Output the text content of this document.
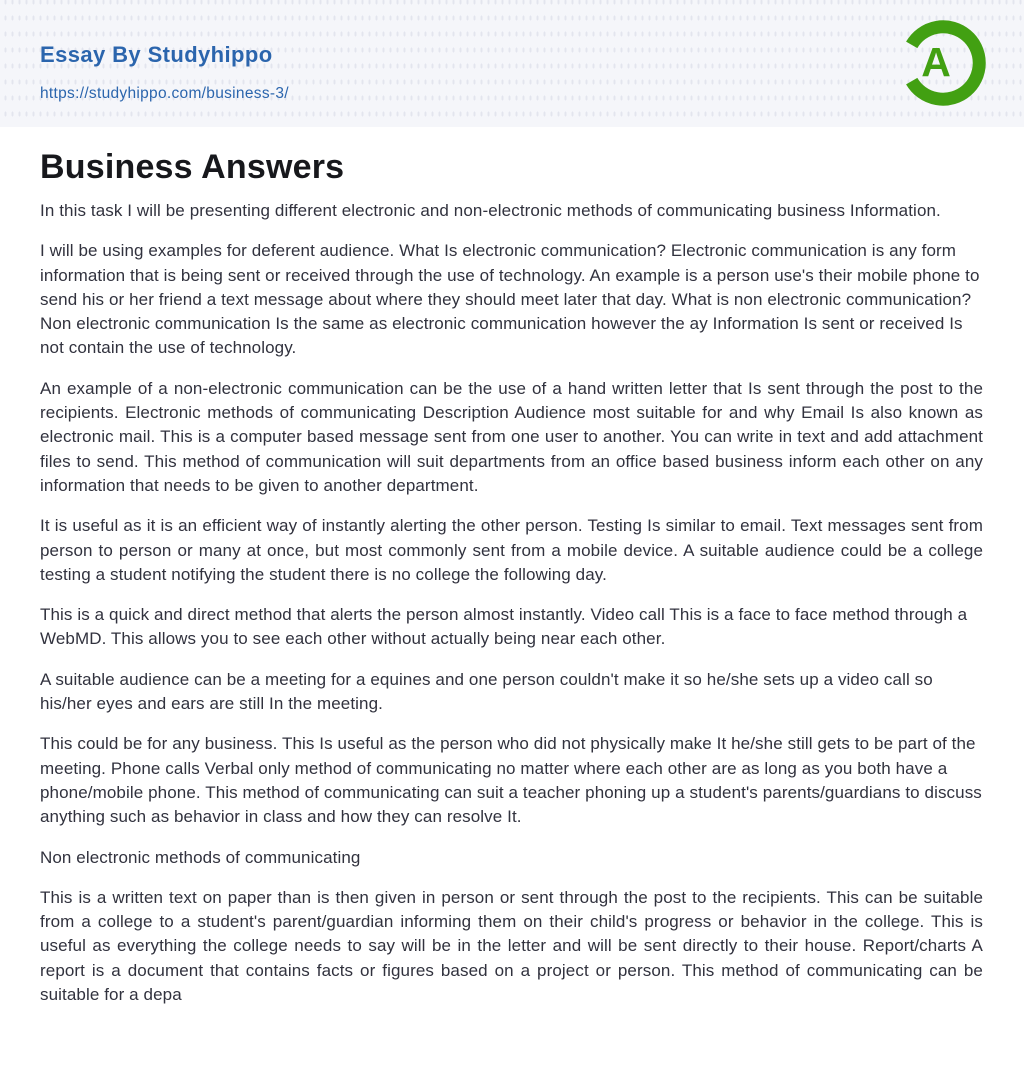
Essay By Studyhippo
https://studyhippo.com/business-3/
A
Business Answers

In this task I will be presenting different electronic and non-electronic methods of communicating business Information.

I will be using examples for deferent audience. What Is electronic communication? Electronic communication is any form information that is being sent or received through the use of technology. An example is a person use's their mobile phone to send his or her friend a text message about where they should meet later that day. What is non electronic communication? Non electronic communication Is the same as electronic communication however the ay Information Is sent or received Is not contain the use of technology.

An example of a non-electronic communication can be the use of a hand written letter that Is sent through the post to the recipients. Electronic methods of communicating Description Audience most suitable for and why Email Is also known as electronic mail. This is a computer based message sent from one user to another. You can write in text and add attachment files to send. This method of communication will suit departments from an office based business inform each other on any information that needs to be given to another department.

It is useful as it is an efficient way of instantly alerting the other person. Testing Is similar to email. Text messages sent from person to person or many at once, but most commonly sent from a mobile device. A suitable audience could be a college testing a student notifying the student there is no college the following day.

This is a quick and direct method that alerts the person almost instantly. Video call This is a face to face method through a WebMD. This allows you to see each other without actually being near each other.

A suitable audience can be a meeting for a equines and one person couldn't make it so he/she sets up a video call so his/her eyes and ears are still In the meeting.

This could be for any business. This Is useful as the person who did not physically make It he/she still gets to be part of the meeting. Phone calls Verbal only method of communicating no matter where each other are as long as you both have a phone/mobile phone. This method of communicating can suit a teacher phoning up a student's parents/guardians to discuss anything such as behavior in class and how they can resolve It.

Non electronic methods of communicating

This is a written text on paper than is then given in person or sent through the post to the recipients. This can be suitable from a college to a student's parent/guardian informing them on their child's progress or behavior in the college. This is useful as everything the college needs to say will be in the letter and will be sent directly to their house. Report/charts A report is a document that contains facts or figures based on a project or person. This method of communicating can be suitable for a depa
